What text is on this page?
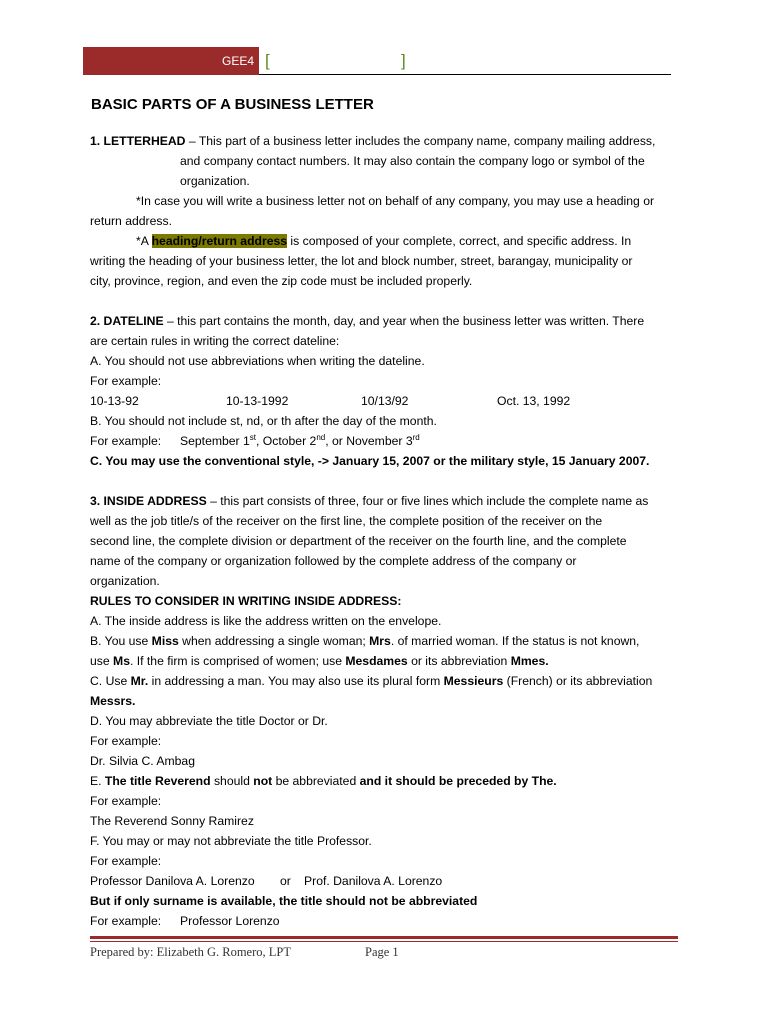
GEE4 [	]
BASIC PARTS OF A BUSINESS LETTER
1. LETTERHEAD – This part of a business letter includes the company name, company mailing address,
and company contact numbers. It may also contain the company logo or symbol of the
organization.
*In case you will write a business letter not on behalf of any company, you may use a heading or
return address.
*A heading/return address is composed of your complete, correct, and specific address. In
writing the heading of your business letter, the lot and block number, street, barangay, municipality or
city, province, region, and even the zip code must be included properly.
2. DATELINE – this part contains the month, day, and year when the business letter was written. There
are certain rules in writing the correct dateline:
A. You should not use abbreviations when writing the dateline.
For example:
10-13-92	10-13-1992	10/13/92	Oct. 13, 1992
B. You should not include st, nd, or th after the day of the month.
For example: September 1st, October 2nd, or November 3rd
C. You may use the conventional style, -> January 15, 2007 or the military style, 15 January 2007.
3. INSIDE ADDRESS – this part consists of three, four or five lines which include the complete name as
well as the job title/s of the receiver on the first line, the complete position of the receiver on the
second line, the complete division or department of the receiver on the fourth line, and the complete
name of the company or organization followed by the complete address of the company or
organization.
RULES TO CONSIDER IN WRITING INSIDE ADDRESS:
A. The inside address is like the address written on the envelope.
B. You use Miss when addressing a single woman; Mrs. of married woman. If the status is not known,
use Ms. If the firm is comprised of women; use Mesdames or its abbreviation Mmes.
C. Use Mr. in addressing a man. You may also use its plural form Messieurs (French) or its abbreviation
Messrs.
D. You may abbreviate the title Doctor or Dr.
For example:
Dr. Silvia C. Ambag
E. The title Reverend should not be abbreviated and it should be preceded by The.
For example:
The Reverend Sonny Ramirez
F. You may or may not abbreviate the title Professor.
For example:
Professor Danilova A. Lorenzo or Prof. Danilova A. Lorenzo
But if only surname is available, the title should not be abbreviated
For example: Professor Lorenzo
Prepared by: Elizabeth G. Romero, LPT	Page 1
